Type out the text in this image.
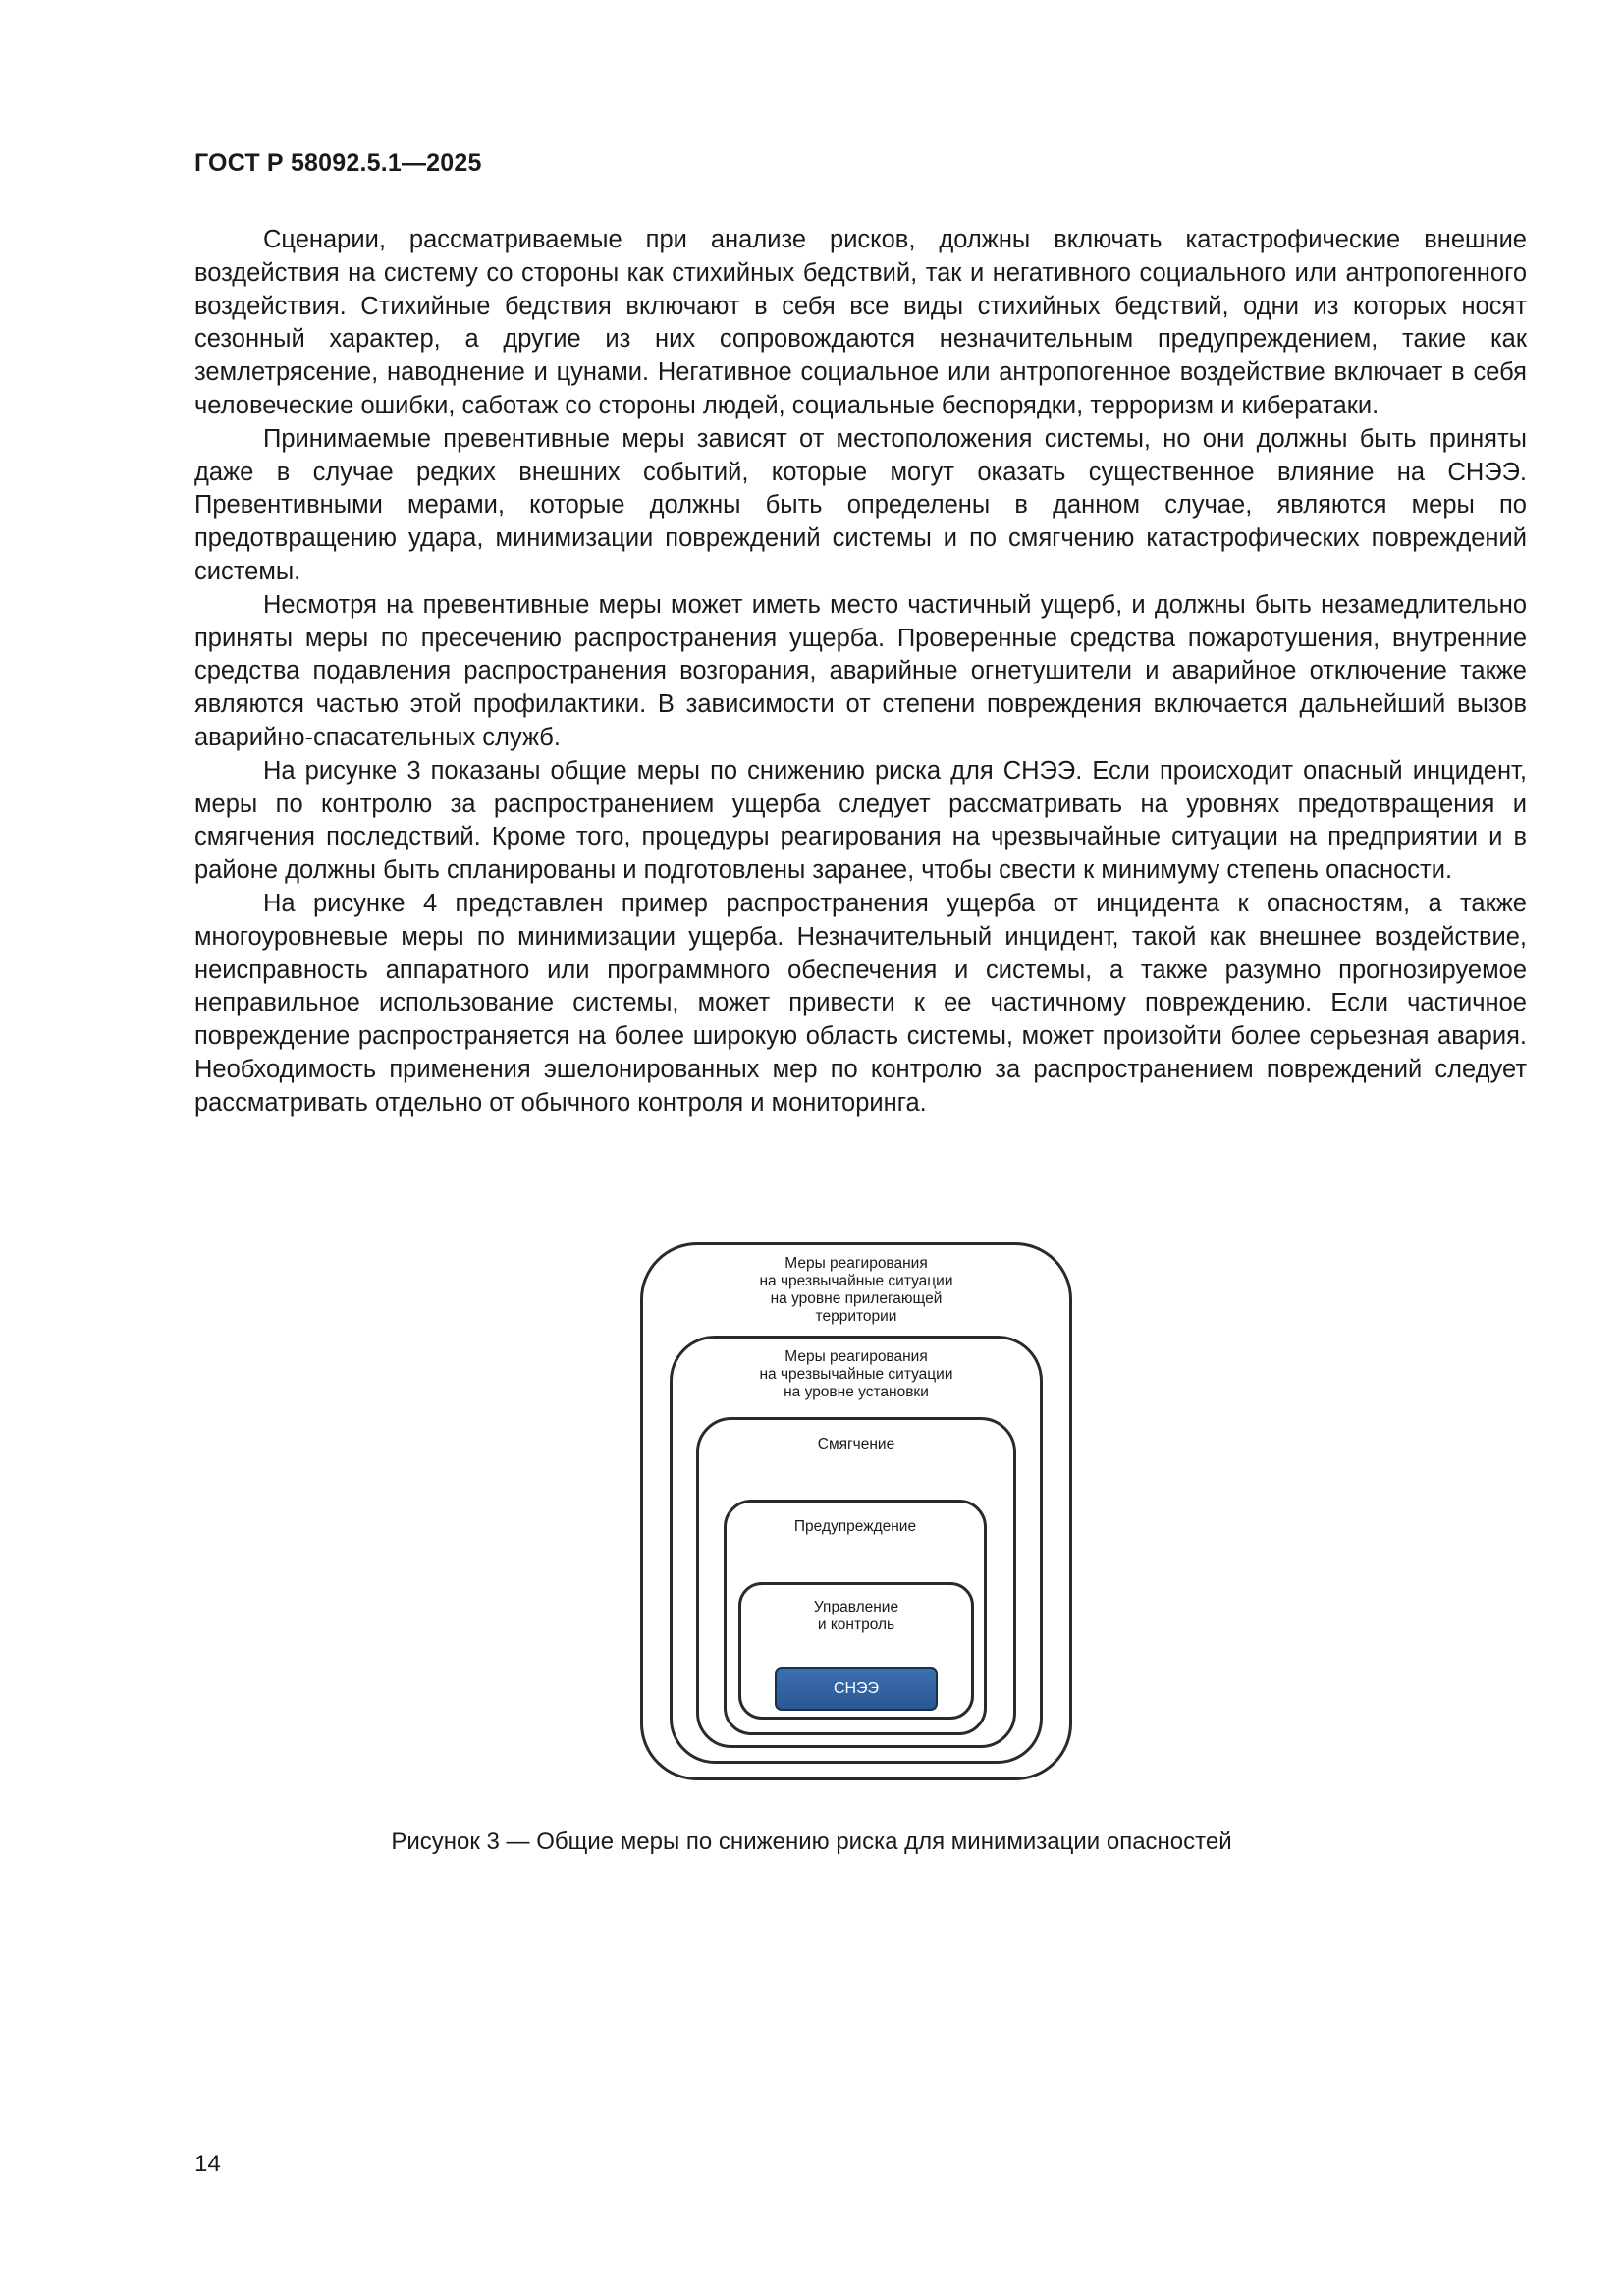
ГОСТ Р 58092.5.1—2025

Сценарии, рассматриваемые при анализе рисков, должны включать катастрофические внешние воздействия на систему со стороны как стихийных бедствий, так и негативного социального или антропогенного воздействия. Стихийные бедствия включают в себя все виды стихийных бедствий, одни из которых носят сезонный характер, а другие из них сопровождаются незначительным предупреждением, такие как землетрясение, наводнение и цунами. Негативное социальное или антропогенное воздействие включает в себя человеческие ошибки, саботаж со стороны людей, социальные беспорядки, терроризм и кибератаки.

Принимаемые превентивные меры зависят от местоположения системы, но они должны быть приняты даже в случае редких внешних событий, которые могут оказать существенное влияние на СНЭЭ. Превентивными мерами, которые должны быть определены в данном случае, являются меры по предотвращению удара, минимизации повреждений системы и по смягчению катастрофических повреждений системы.

Несмотря на превентивные меры может иметь место частичный ущерб, и должны быть незамедлительно приняты меры по пресечению распространения ущерба. Проверенные средства пожаротушения, внутренние средства подавления распространения возгорания, аварийные огнетушители и аварийное отключение также являются частью этой профилактики. В зависимости от степени повреждения включается дальнейший вызов аварийно-спасательных служб.

На рисунке 3 показаны общие меры по снижению риска для СНЭЭ. Если происходит опасный инцидент, меры по контролю за распространением ущерба следует рассматривать на уровнях предотвращения и смягчения последствий. Кроме того, процедуры реагирования на чрезвычайные ситуации на предприятии и в районе должны быть спланированы и подготовлены заранее, чтобы свести к минимуму степень опасности.

На рисунке 4 представлен пример распространения ущерба от инцидента к опасностям, а также многоуровневые меры по минимизации ущерба. Незначительный инцидент, такой как внешнее воздействие, неисправность аппаратного или программного обеспечения и системы, а также разумно прогнозируемое неправильное использование системы, может привести к ее частичному повреждению. Если частичное повреждение распространяется на более широкую область системы, может произойти более серьезная авария. Необходимость применения эшелонированных мер по контролю за распространением повреждений следует рассматривать отдельно от обычного контроля и мониторинга.

Меры реагирования
на чрезвычайные ситуации
на уровне прилегающей
территории
Меры реагирования
на чрезвычайные ситуации
на уровне установки
Смягчение
Предупреждение
Управление
и контроль
СНЭЭ
Рисунок 3 — Общие меры по снижению риска для минимизации опасностей
14
